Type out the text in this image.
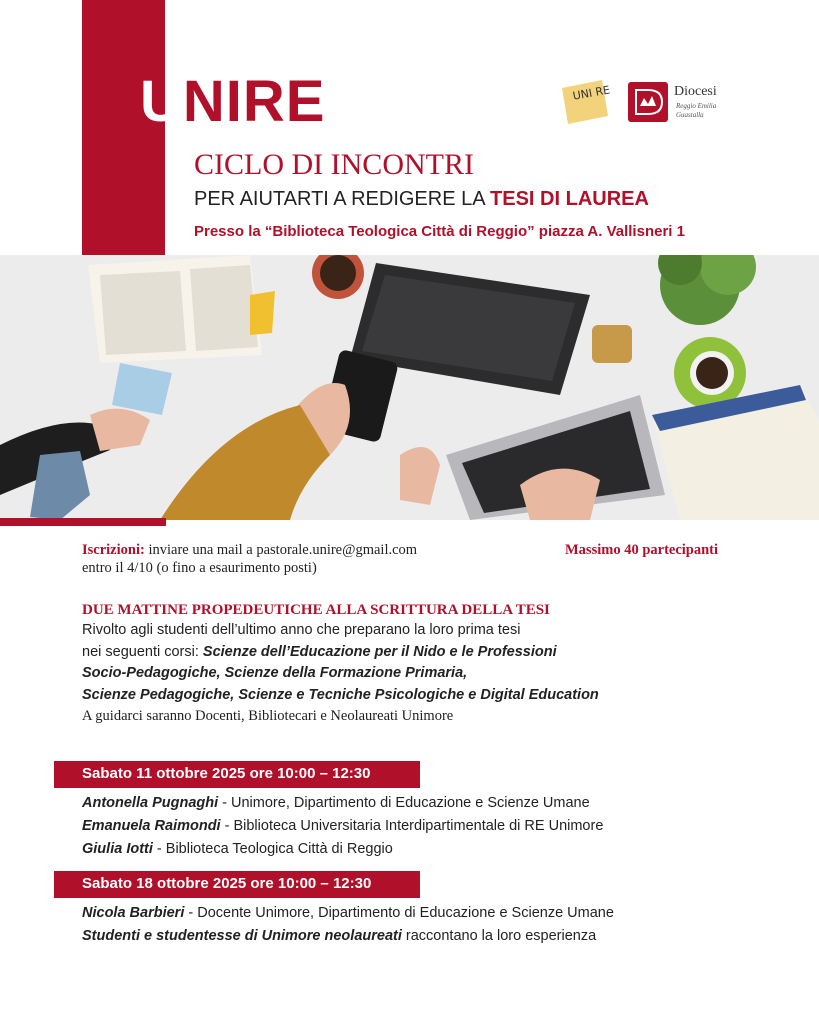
UNIRE	UNI RE	Diocesi
Reggio Emilia
Guastalla
CICLO DI INCONTRI
PER AIUTARTI A REDIGERE LA TESI DI LAUREA

Presso la “Biblioteca Teologica Città di Reggio” piazza A. Vallisneri 1

Iscrizioni: inviare una mail a pastorale.unire@gmail.com
entro il 4/10 (o fino a esaurimento posti)
Massimo 40 partecipanti
DUE MATTINE PROPEDEUTICHE ALLA SCRITTURA DELLA TESI
Rivolto agli studenti dell’ultimo anno che preparano la loro prima tesi
nei seguenti corsi: Scienze dell’Educazione per il Nido e le Professioni
Socio-Pedagogiche, Scienze della Formazione Primaria,
Scienze Pedagogiche, Scienze e Tecniche Psicologiche e Digital Education
A guidarci saranno Docenti, Bibliotecari e Neolaureati Unimore
Sabato 11 ottobre 2025 ore 10:00 – 12:30
Antonella Pugnaghi - Unimore, Dipartimento di Educazione e Scienze Umane
Emanuela Raimondi - Biblioteca Universitaria Interdipartimentale di RE Unimore
Giulia Iotti - Biblioteca Teologica Città di Reggio
Sabato 18 ottobre 2025 ore 10:00 – 12:30
Nicola Barbieri - Docente Unimore, Dipartimento di Educazione e Scienze Umane
Studenti e studentesse di Unimore neolaureati raccontano la loro esperienza
